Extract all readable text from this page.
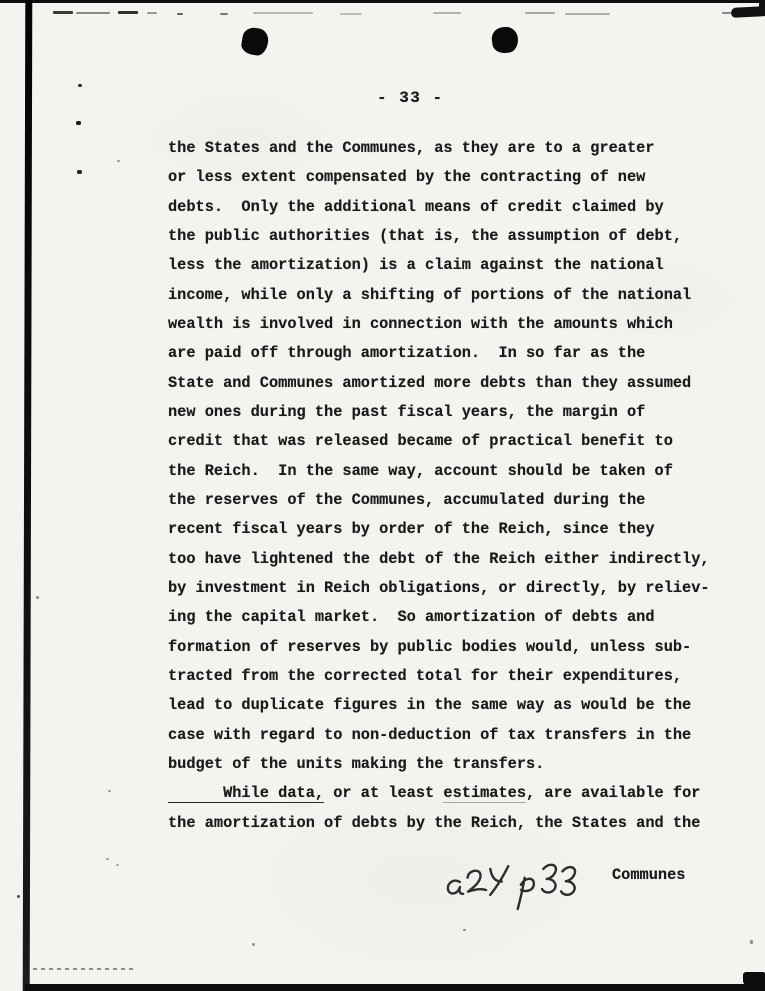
- 33 -
the States and the Communes, as they are to a greater
or less extent compensated by the contracting of new
debts.  Only the additional means of credit claimed by
the public authorities (that is, the assumption of debt,
less the amortization) is a claim against the national
income, while only a shifting of portions of the national
wealth is involved in connection with the amounts which
are paid off through amortization.  In so far as the
State and Communes amortized more debts than they assumed
new ones during the past fiscal years, the margin of
credit that was released became of practical benefit to
the Reich.  In the same way, account should be taken of
the reserves of the Communes, accumulated during the
recent fiscal years by order of the Reich, since they
too have lightened the debt of the Reich either indirectly,
by investment in Reich obligations, or directly, by reliev-
ing the capital market.  So amortization of debts and
formation of reserves by public bodies would, unless sub-
tracted from the corrected total for their expenditures,
lead to duplicate figures in the same way as would be the
case with regard to non-deduction of tax transfers in the
budget of the units making the transfers.
While data, or at least estimates, are available for
the amortization of debts by the Reich, the States and the
Communes
